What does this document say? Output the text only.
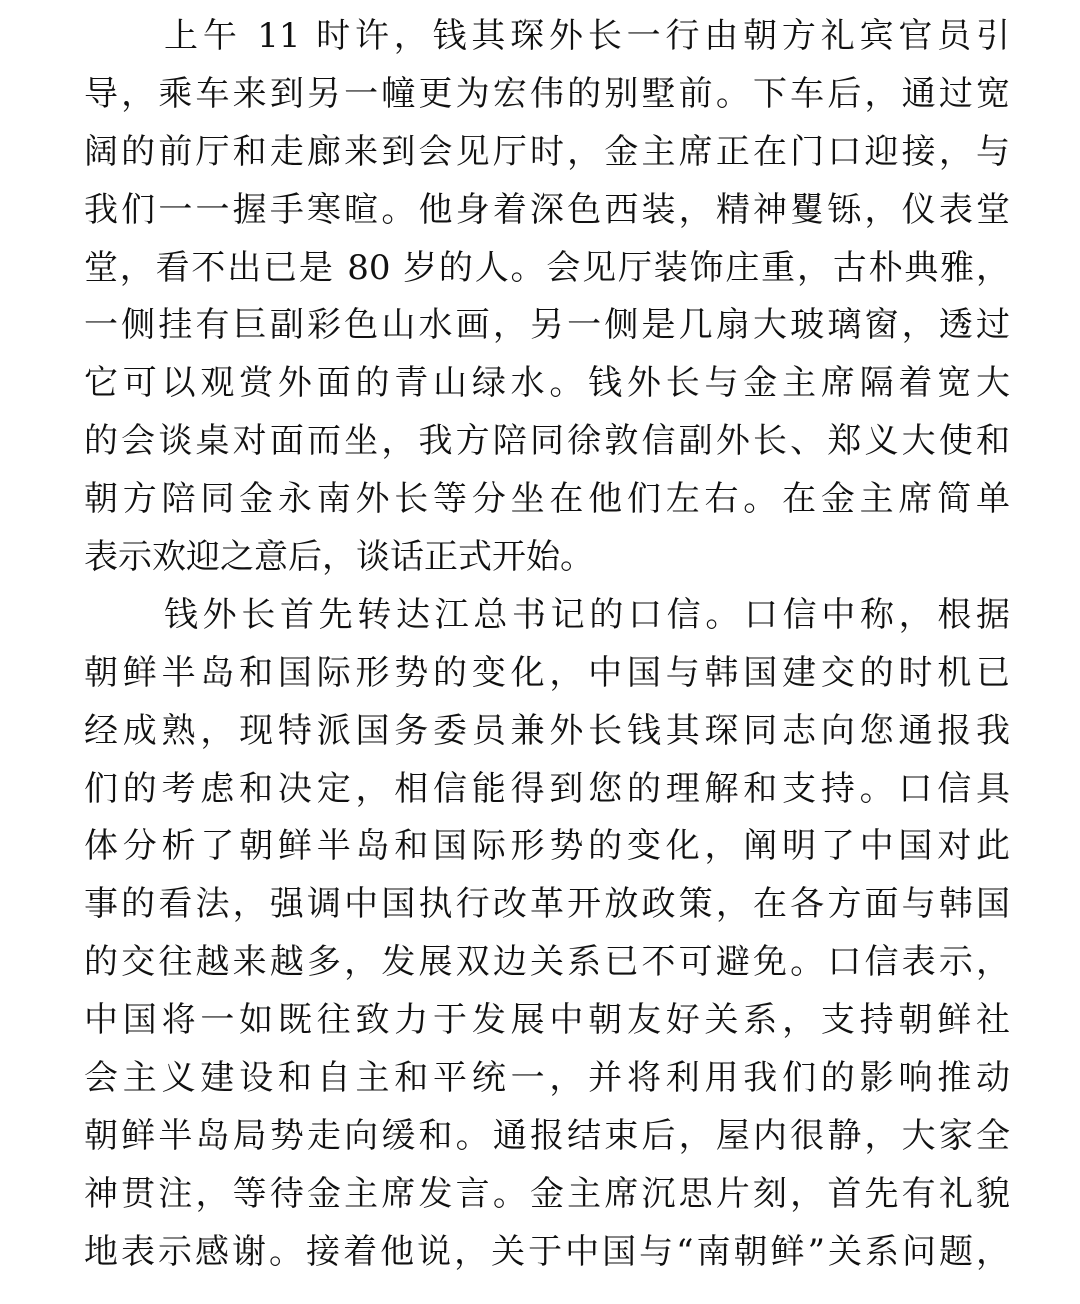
上午 11 时许，钱其琛外长一行由朝方礼宾官员引
导，乘车来到另一幢更为宏伟的别墅前。下车后，通过宽
阔的前厅和走廊来到会见厅时，金主席正在门口迎接，与
我们一一握手寒暄。他身着深色西装，精神矍铄，仪表堂
堂，看不出已是 80 岁的人。会见厅装饰庄重，古朴典雅，
一侧挂有巨副彩色山水画，另一侧是几扇大玻璃窗，透过
它可以观赏外面的青山绿水。钱外长与金主席隔着宽大
的会谈桌对面而坐，我方陪同徐敦信副外长、郑义大使和
朝方陪同金永南外长等分坐在他们左右。在金主席简单
表示欢迎之意后，谈话正式开始。
钱外长首先转达江总书记的口信。口信中称，根据
朝鲜半岛和国际形势的变化，中国与韩国建交的时机已
经成熟，现特派国务委员兼外长钱其琛同志向您通报我
们的考虑和决定，相信能得到您的理解和支持。口信具
体分析了朝鲜半岛和国际形势的变化，阐明了中国对此
事的看法，强调中国执行改革开放政策，在各方面与韩国
的交往越来越多，发展双边关系已不可避免。口信表示，
中国将一如既往致力于发展中朝友好关系，支持朝鲜社
会主义建设和自主和平统一，并将利用我们的影响推动
朝鲜半岛局势走向缓和。通报结束后，屋内很静，大家全
神贯注，等待金主席发言。金主席沉思片刻，首先有礼貌
地表示感谢。接着他说，关于中国与“南朝鲜”关系问题，
